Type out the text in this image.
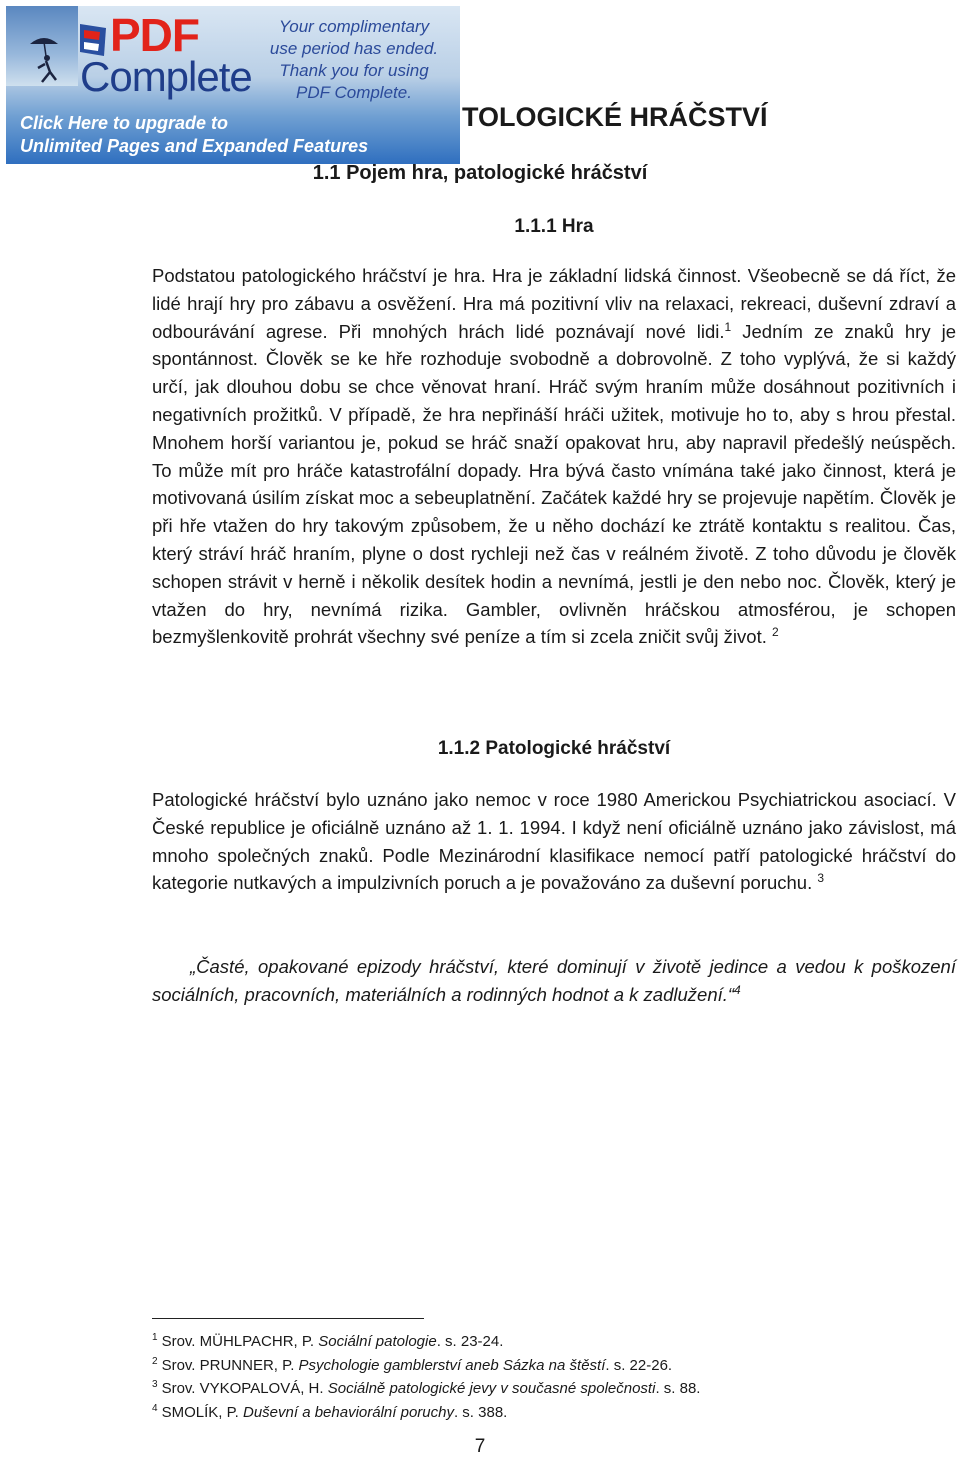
PDF
Complete
Your complimentary
use period has ended.
Thank you for using
PDF Complete.
Click Here to upgrade to
Unlimited Pages and Expanded Features
TOLOGICKÉ HRÁČSTVÍ
1.1 Pojem hra, patologické hráčství
1.1.1 Hra
Podstatou patologického hráčství je hra. Hra je základní lidská činnost. Všeobecně se dá říct, že lidé hrají hry pro zábavu a osvěžení. Hra má pozitivní vliv na relaxaci, rekreaci, duševní zdraví a odbourávání agrese. Při mnohých hrách lidé poznávají nové lidi.$^1$ Jedním ze znaků hry je spontánnost. Člověk se ke hře rozhoduje svobodně a dobrovolně. Z toho vyplývá, že si každý určí, jak dlouhou dobu se chce věnovat hraní. Hráč svým hraním může dosáhnout pozitivních i negativních prožitků. V případě, že hra nepřináší hráči užitek, motivuje ho to, aby s hrou přestal. Mnohem horší variantou je, pokud se hráč snaží opakovat hru, aby napravil předešlý neúspěch. To může mít pro hráče katastrofální dopady. Hra bývá často vnímána také jako činnost, která je motivovaná úsilím získat moc a sebeuplatnění. Začátek každé hry se projevuje napětím. Člověk je při hře vtažen do hry takovým způsobem, že u něho dochází ke ztrátě kontaktu s realitou. Čas, který stráví hráč hraním, plyne o dost rychleji než čas v reálném životě. Z toho důvodu je člověk schopen strávit v herně i několik desítek hodin a nevnímá, jestli je den nebo noc. Člověk, který je vtažen do hry, nevnímá rizika. Gambler, ovlivněn hráčskou atmosférou, je schopen bezmyšlenkovitě prohrát všechny své peníze a tím si zcela zničit svůj život. $^2$
1.1.2 Patologické hráčství
Patologické hráčství bylo uznáno jako nemoc v roce 1980 Americkou Psychiatrickou asociací. V České republice je oficiálně uznáno až 1. 1. 1994. I když není oficiálně uznáno jako závislost, má mnoho společných znaků. Podle Mezinárodní klasifikace nemocí patří patologické hráčství do kategorie nutkavých a impulzivních poruch a je považováno za duševní poruchu. $^3$
„Časté, opakované epizody hráčství, které dominují v životě jedince a vedou k poškození sociálních, pracovních, materiálních a rodinných hodnot a k zadlužení.“$^4$
$^1$ Srov. MÜHLPACHR, P. Sociální patologie. s. 23-24.
$^2$ Srov. PRUNNER, P. Psychologie gamblerství aneb Sázka na štěstí. s. 22-26.
$^3$ Srov. VYKOPALOVÁ, H. Sociálně patologické jevy v současné společnosti. s. 88.
$^4$ SMOLÍK, P. Duševní a behaviorální poruchy. s. 388.
7
